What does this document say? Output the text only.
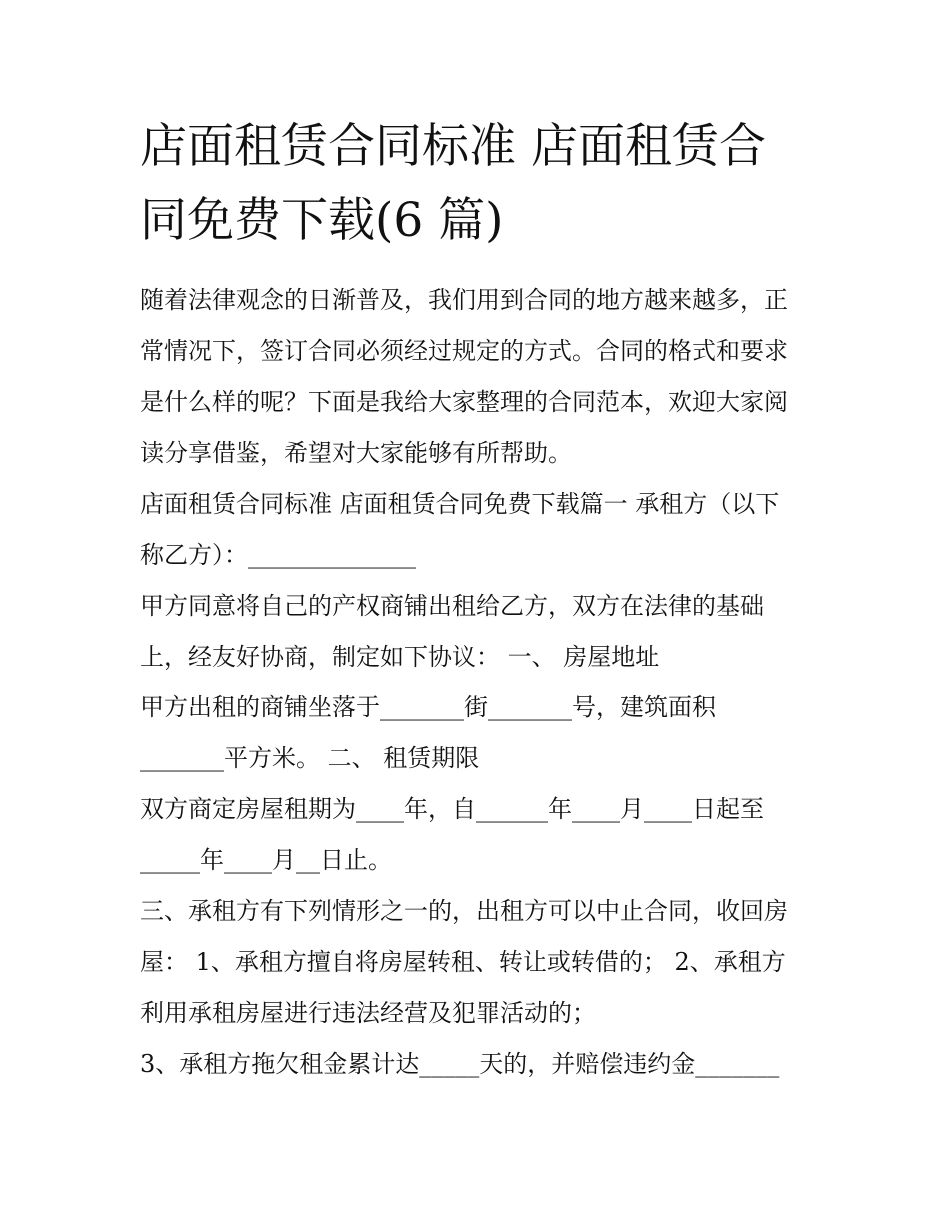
店面租赁合同标准 店面租赁合
同免费下载(6 篇)
随着法律观念的日渐普及，我们用到合同的地方越来越多，正
常情况下，签订合同必须经过规定的方式。合同的格式和要求
是什么样的呢？下面是我给大家整理的合同范本，欢迎大家阅
读分享借鉴，希望对大家能够有所帮助。
店面租赁合同标准 店面租赁合同免费下载篇一 承租方（以下
称乙方）：______________
甲方同意将自己的产权商铺出租给乙方，双方在法律的基础
上，经友好协商，制定如下协议： 一、 房屋地址
甲方出租的商铺坐落于_______街_______号，建筑面积
_______平方米。 二、 租赁期限
双方商定房屋租期为____年，自______年____月____日起至
_____年____月__日止。
三、承租方有下列情形之一的，出租方可以中止合同，收回房
屋： 1、承租方擅自将房屋转租、转让或转借的； 2、承租方
利用承租房屋进行违法经营及犯罪活动的；
3、承租方拖欠租金累计达_____天的，并赔偿违约金_______
